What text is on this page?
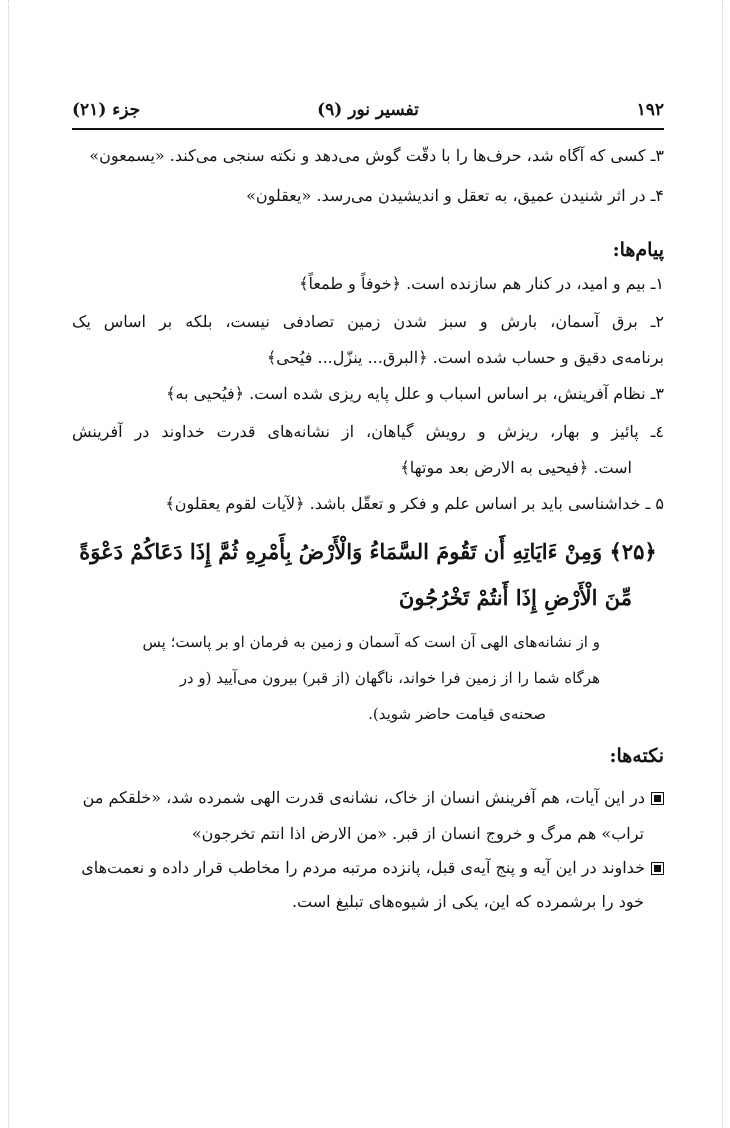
جزء (۲۱)	تفسیر نور (۹)	۱۹۲
۳ـ کسی که آگاه شد، حرف‌ها را با دقّت گوش می‌دهد و نکته سنجی می‌کند. «یسمعون»
۴ـ در اثر شنیدن عمیق، به تعقل و اندیشیدن می‌رسد. «یعقلون»
پیام‌ها:
۱ـ بیم و امید، در کنار هم سازنده است. ﴿خوفاً و طمعاً﴾
۲ـ برق آسمان، بارش و سبز شدن زمین تصادفی نیست، بلکه بر اساس یک
برنامه‌ی دقیق و حساب شده است. ﴿البرق... ینزّل... فیُحی﴾
۳ـ نظام آفرینش، بر اساس اسباب و علل پایه ریزی شده است. ﴿فیُحیی به﴾
٤ـ پائیز و بهار، ریزش و رویش گیاهان، از نشانه‌های قدرت خداوند در آفرینش
است. ﴿فیحیی به الارض بعد موتها﴾
۵ ـ خداشناسی باید بر اساس علم و فکر و تعقّل باشد. ﴿لآیات لقوم یعقلون﴾
﴿۲۵﴾ وَمِنْ ءَايَاتِهِ أَن تَقُومَ السَّمَاءُ وَالْأَرْضُ بِأَمْرِهِ ثُمَّ إِذَا دَعَاكُمْ دَعْوَةً
مِّنَ الْأَرْضِ إِذَا أَنتُمْ تَخْرُجُونَ
و از نشانه‌های الهی آن است که آسمان و زمین به فرمان او بر پاست؛ پس
هرگاه شما را از زمین فرا خواند، ناگهان (از قبر) بیرون می‌آیید (و در
صحنه‌ی قیامت حاضر شوید).
نکته‌ها:
در این آیات، هم آفرینش انسان از خاک، نشانه‌ی قدرت الهی شمرده شد، «خلقکم من
تراب» هم مرگ و خروج انسان از قبر. «من الارض اذا انتم تخرجون»
خداوند در این آیه و پنج آیه‌ی قبل، پانزده مرتبه مردم را مخاطب قرار داده و نعمت‌های
خود را برشمرده که این، یکی از شیوه‌های تبلیغ است.
